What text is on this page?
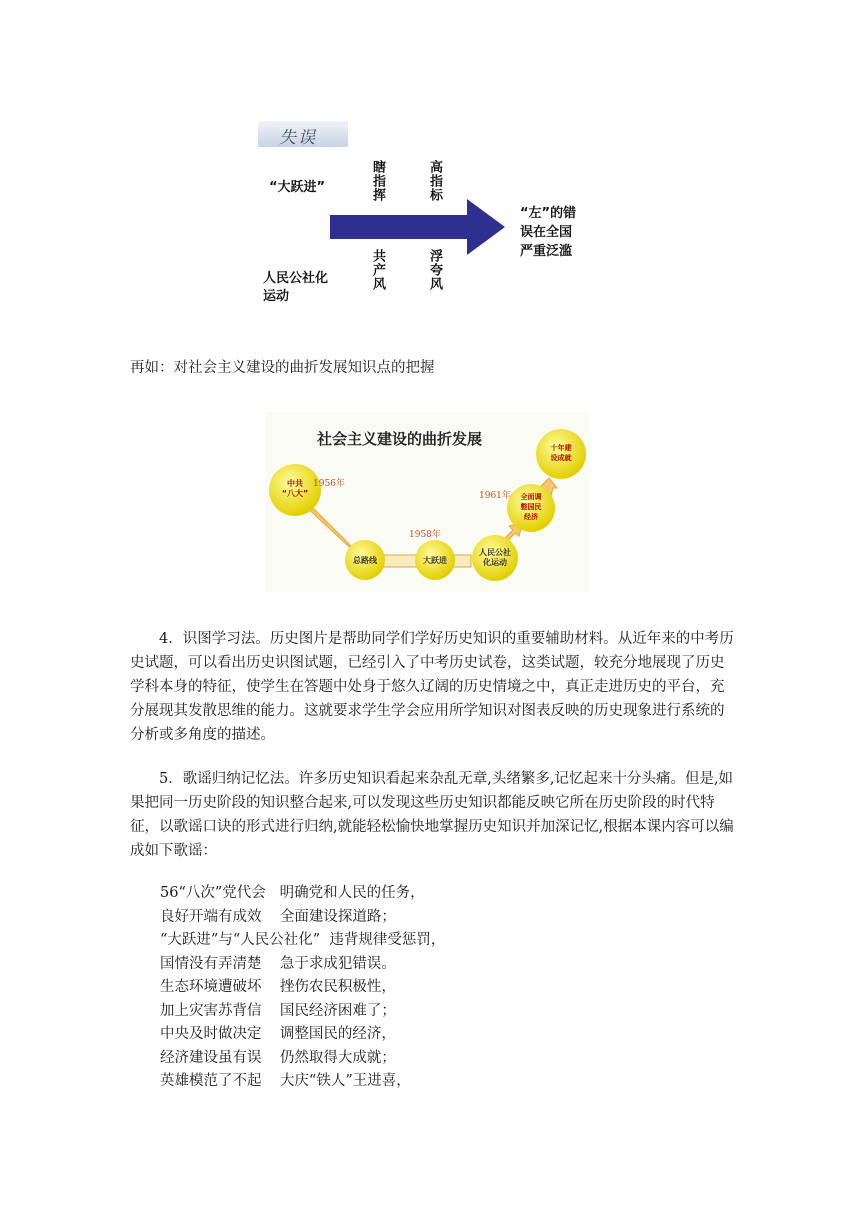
失误
“大跃进”
人民公社化
运动
瞎指挥	高指标
共产风	浮夸风
“左”的错
误在全国
严重泛滥
再如：对社会主义建设的曲折发展知识点的把握
社会主义建设的曲折发展
中共
“八大”
总路线	大跃进
人民公社
化运动
全面调
整国民
经济
十年建
设成就
1956年
1958年
1961年

4．识图学习法。历史图片是帮助同学们学好历史知识的重要辅助材料。从近年来的中考历史试题，可以看出历史识图试题，已经引入了中考历史试卷，这类试题，较充分地展现了历史学科本身的特征，使学生在答题中处身于悠久辽阔的历史情境之中，真正走进历史的平台，充分展现其发散思维的能力。这就要求学生学会应用所学知识对图表反映的历史现象进行系统的分析或多角度的描述。

5．歌谣归纳记忆法。许多历史知识看起来杂乱无章,头绪繁多,记忆起来十分头痛。但是,如果把同一历史阶段的知识整合起来,可以发现这些历史知识都能反映它所在历史阶段的时代特征，以歌谣口诀的形式进行归纳,就能轻松愉快地掌握历史知识并加深记忆,根据本课内容可以编成如下歌谣：

56“八次”党代会   明确党和人民的任务，
良好开端有成效    全面建设探道路；
“大跃进”与“人民公社化”  违背规律受惩罚，
国情没有弄清楚    急于求成犯错误。
生态环境遭破坏    挫伤农民积极性，
加上灾害苏背信    国民经济困难了；
中央及时做决定    调整国民的经济，
经济建设虽有误    仍然取得大成就；
英雄模范了不起    大庆“铁人”王进喜，
